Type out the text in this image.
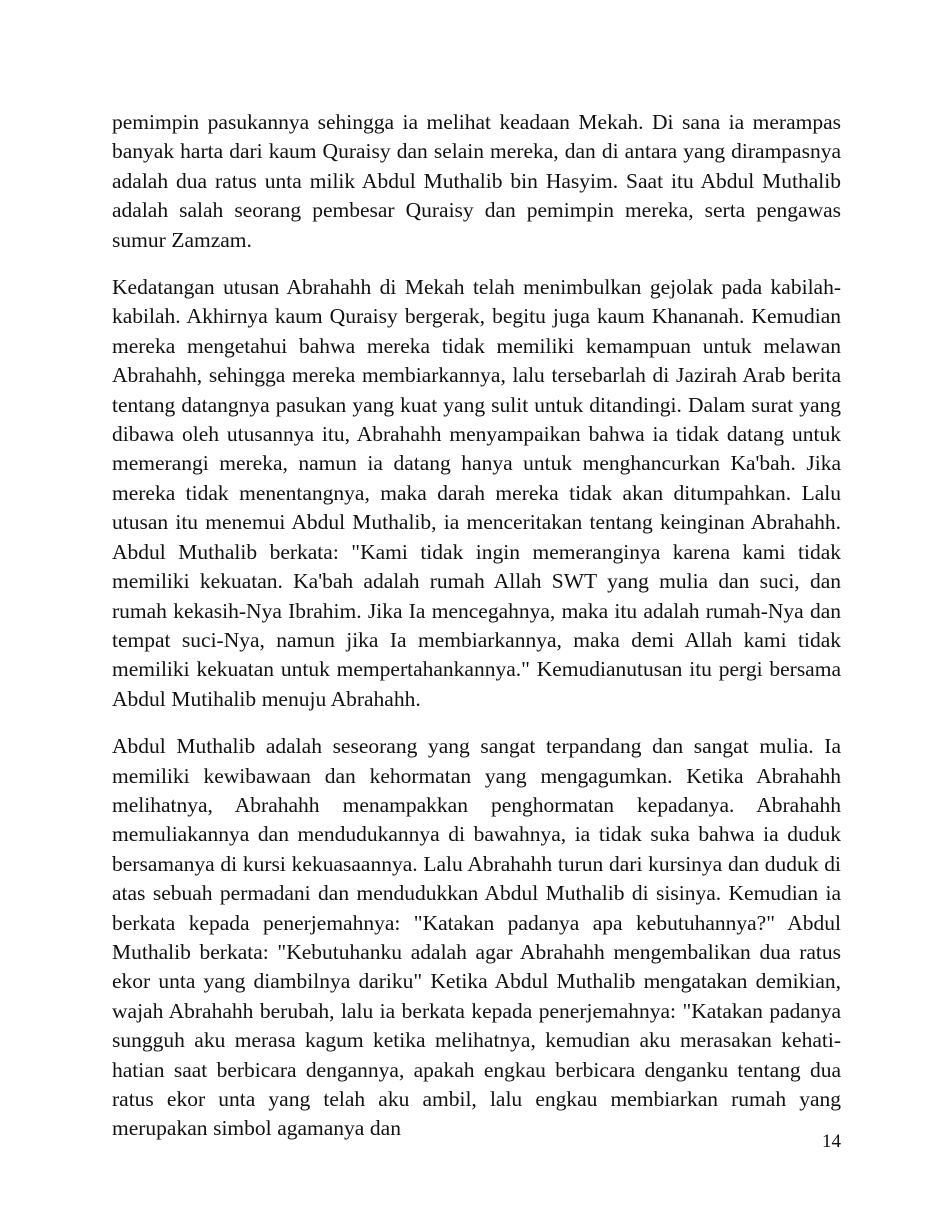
pemimpin pasukannya sehingga ia melihat keadaan Mekah. Di sana ia merampas banyak harta dari kaum Quraisy dan selain mereka, dan di antara yang dirampasnya adalah dua ratus unta milik Abdul Muthalib bin Hasyim. Saat itu Abdul Muthalib adalah salah seorang pembesar Quraisy dan pemimpin mereka, serta pengawas sumur Zamzam.

Kedatangan utusan Abrahahh di Mekah telah menimbulkan gejolak pada kabilah-kabilah. Akhirnya kaum Quraisy bergerak, begitu juga kaum Khananah. Kemudian mereka mengetahui bahwa mereka tidak memiliki kemampuan untuk melawan Abrahahh, sehingga mereka membiarkannya, lalu tersebarlah di Jazirah Arab berita tentang datangnya pasukan yang kuat yang sulit untuk ditandingi. Dalam surat yang dibawa oleh utusannya itu, Abrahahh menyampaikan bahwa ia tidak datang untuk memerangi mereka, namun ia datang hanya untuk menghancurkan Ka'bah. Jika mereka tidak menentangnya, maka darah mereka tidak akan ditumpahkan. Lalu utusan itu menemui Abdul Muthalib, ia menceritakan tentang keinginan Abrahahh. Abdul Muthalib berkata: "Kami tidak ingin memeranginya karena kami tidak memiliki kekuatan. Ka'bah adalah rumah Allah SWT yang mulia dan suci, dan rumah kekasih-Nya Ibrahim. Jika Ia mencegahnya, maka itu adalah rumah-Nya dan tempat suci-Nya, namun jika Ia membiarkannya, maka demi Allah kami tidak memiliki kekuatan untuk mempertahankannya." Kemudianutusan itu pergi bersama Abdul Mutihalib menuju Abrahahh.

Abdul Muthalib adalah seseorang yang sangat terpandang dan sangat mulia. Ia memiliki kewibawaan dan kehormatan yang mengagumkan. Ketika Abrahahh melihatnya, Abrahahh menampakkan penghormatan kepadanya. Abrahahh memuliakannya dan mendudukannya di bawahnya, ia tidak suka bahwa ia duduk bersamanya di kursi kekuasaannya. Lalu Abrahahh turun dari kursinya dan duduk di atas sebuah permadani dan mendudukkan Abdul Muthalib di sisinya. Kemudian ia berkata kepada penerjemahnya: "Katakan padanya apa kebutuhannya?" Abdul Muthalib berkata: "Kebutuhanku adalah agar Abrahahh mengembalikan dua ratus ekor unta yang diambilnya dariku" Ketika Abdul Muthalib mengatakan demikian, wajah Abrahahh berubah, lalu ia berkata kepada penerjemahnya: "Katakan padanya sungguh aku merasa kagum ketika melihatnya, kemudian aku merasakan kehati-hatian saat berbicara dengannya, apakah engkau berbicara denganku tentang dua ratus ekor unta yang telah aku ambil, lalu engkau membiarkan rumah yang merupakan simbol agamanya dan

14
